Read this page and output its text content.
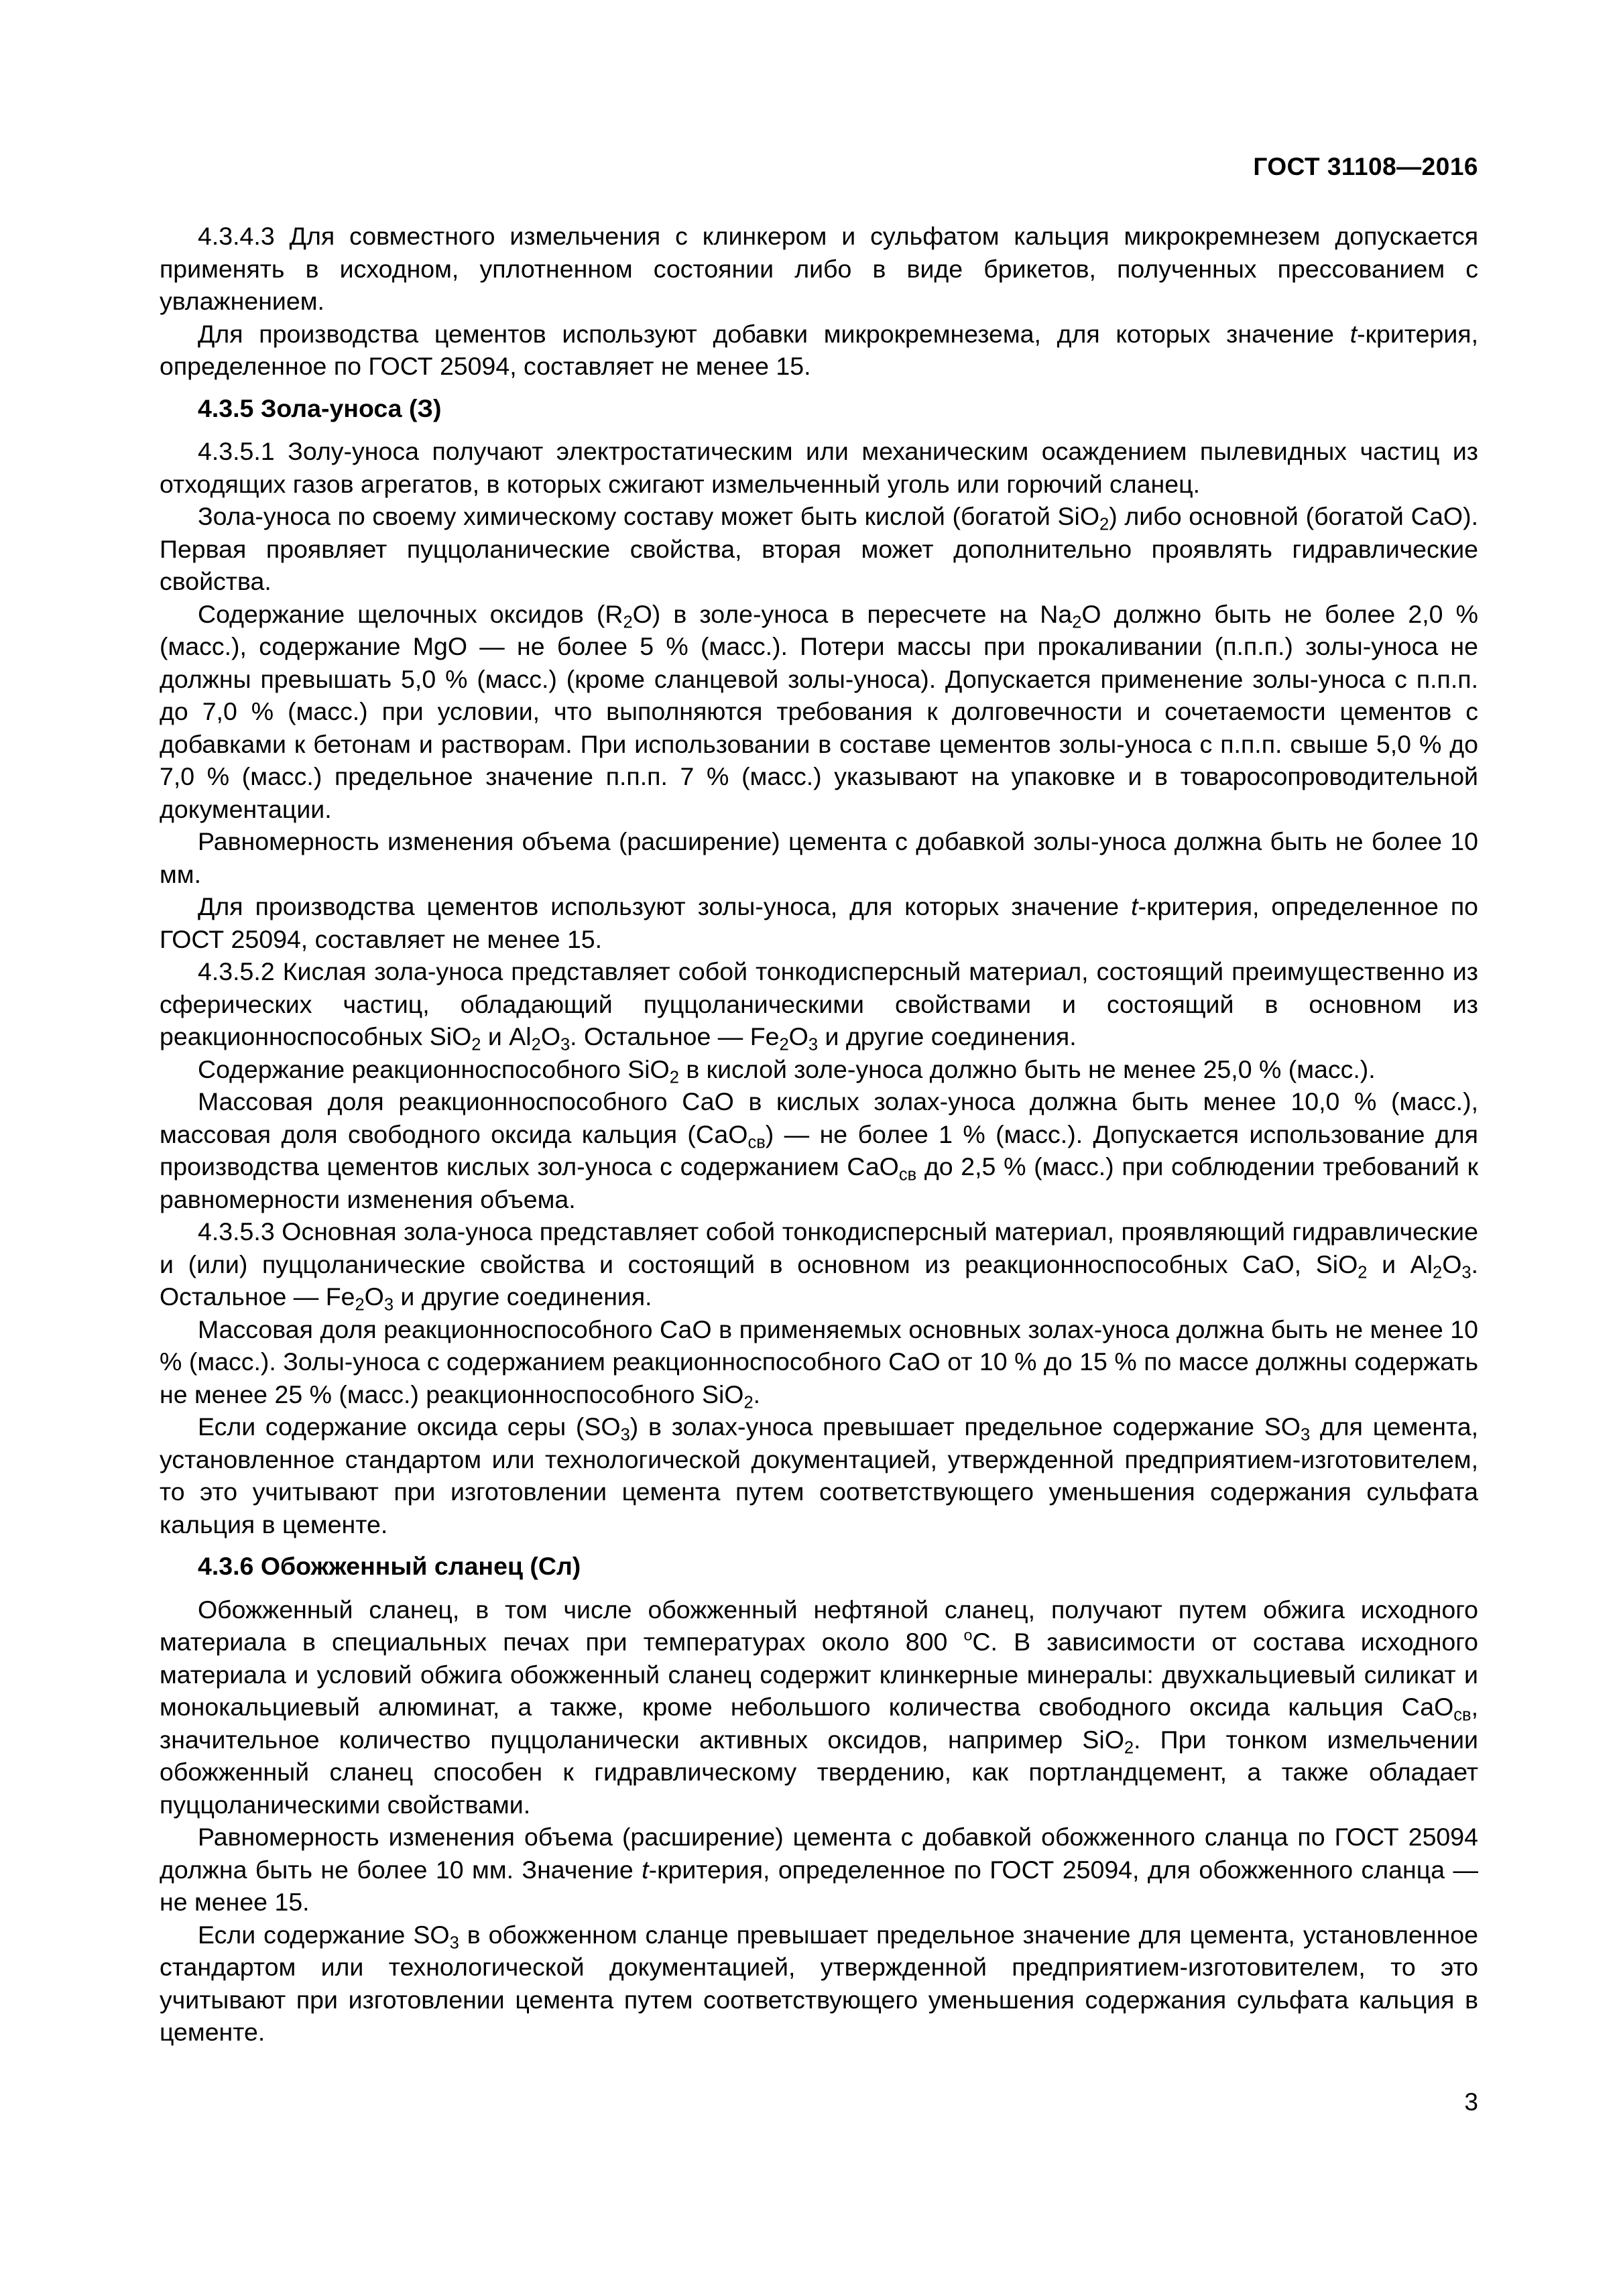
ГОСТ 31108—2016

4.3.4.3 Для совместного измельчения с клинкером и сульфатом кальция микрокремнезем допускается применять в исходном, уплотненном состоянии либо в виде брикетов, полученных прессованием с увлажнением.

Для производства цементов используют добавки микрокремнезема, для которых значение t-критерия, определенное по ГОСТ 25094, составляет не менее 15.

4.3.5 Зола-уноса (З)

4.3.5.1 Золу-уноса получают электростатическим или механическим осаждением пылевидных частиц из отходящих газов агрегатов, в которых сжигают измельченный уголь или горючий сланец.

Зола-уноса по своему химическому составу может быть кислой (богатой SiO$_2$) либо основной (богатой СаО). Первая проявляет пуццоланические свойства, вторая может дополнительно проявлять гидравлические свойства.

Содержание щелочных оксидов $(R_2O)$ в золе-уноса в пересчете на $Na_2O$ должно быть не более 2,0 % (масс.), содержание MgO — не более 5 % (масс.). Потери массы при прокаливании (п.п.п.) золы-уноса не должны превышать 5,0 % (масс.) (кроме сланцевой золы-уноса). Допускается применение золы-уноса с п.п.п. до 7,0 % (масс.) при условии, что выполняются требования к долговечности и сочетаемости цементов с добавками к бетонам и растворам. При использовании в составе цементов золы-уноса с п.п.п. свыше 5,0 % до 7,0 % (масс.) предельное значение п.п.п. 7 % (масс.) указывают на упаковке и в товаросопроводительной документации.

Равномерность изменения объема (расширение) цемента с добавкой золы-уноса должна быть не более 10 мм.

Для производства цементов используют золы-уноса, для которых значение t-критерия, определенное по ГОСТ 25094, составляет не менее 15.

4.3.5.2 Кислая зола-уноса представляет собой тонкодисперсный материал, состоящий преимущественно из сферических частиц, обладающий пуццоланическими свойствами и состоящий в основном из реакционноспособных SiO$_2$ и $Al_2O_3$. Остальное — $Fe_2O_3$ и другие соединения.

Содержание реакционноспособного SiO$_2$ в кислой золе-уноса должно быть не менее 25,0 % (масс.).

Массовая доля реакционноспособного СаО в кислых золах-уноса должна быть менее 10,0 % (масс.), массовая доля свободного оксида кальция (СаО$_{св}$) — не более 1 % (масс.). Допускается использование для производства цементов кислых зол-уноса с содержанием СаО$_{св}$ до 2,5 % (масс.) при соблюдении требований к равномерности изменения объема.

4.3.5.3 Основная зола-уноса представляет собой тонкодисперсный материал, проявляющий гидравлические и (или) пуццоланические свойства и состоящий в основном из реакционноспособных СаО, SiO$_2$ и $Al_2O_3$. Остальное — $Fe_2O_3$ и другие соединения.

Массовая доля реакционноспособного СаО в применяемых основных золах-уноса должна быть не менее 10 % (масс.). Золы-уноса с содержанием реакционноспособного СаО от 10 % до 15 % по массе должны содержать не менее 25 % (масс.) реакционноспособного SiO$_2$.

Если содержание оксида серы $(SO_3)$ в золах-уноса превышает предельное содержание $SO_3$ для цемента, установленное стандартом или технологической документацией, утвержденной предприятием-изготовителем, то это учитывают при изготовлении цемента путем соответствующего уменьшения содержания сульфата кальция в цементе.

4.3.6 Обожженный сланец (Сл)

Обожженный сланец, в том числе обожженный нефтяной сланец, получают путем обжига исходного материала в специальных печах при температурах около 800 $^о$С. В зависимости от состава исходного материала и условий обжига обожженный сланец содержит клинкерные минералы: двухкальциевый силикат и монокальциевый алюминат, а также, кроме небольшого количества свободного оксида кальция СаО$_{св}$, значительное количество пуццоланически активных оксидов, например SiO$_2$. При тонком измельчении обожженный сланец способен к гидравлическому твердению, как портландцемент, а также обладает пуццоланическими свойствами.

Равномерность изменения объема (расширение) цемента с добавкой обожженного сланца по ГОСТ 25094 должна быть не более 10 мм. Значение t-критерия, определенное по ГОСТ 25094, для обожженного сланца — не менее 15.

Если содержание $SO_3$ в обожженном сланце превышает предельное значение для цемента, установленное стандартом или технологической документацией, утвержденной предприятием-изготовителем, то это учитывают при изготовлении цемента путем соответствующего уменьшения содержания сульфата кальция в цементе.

3
